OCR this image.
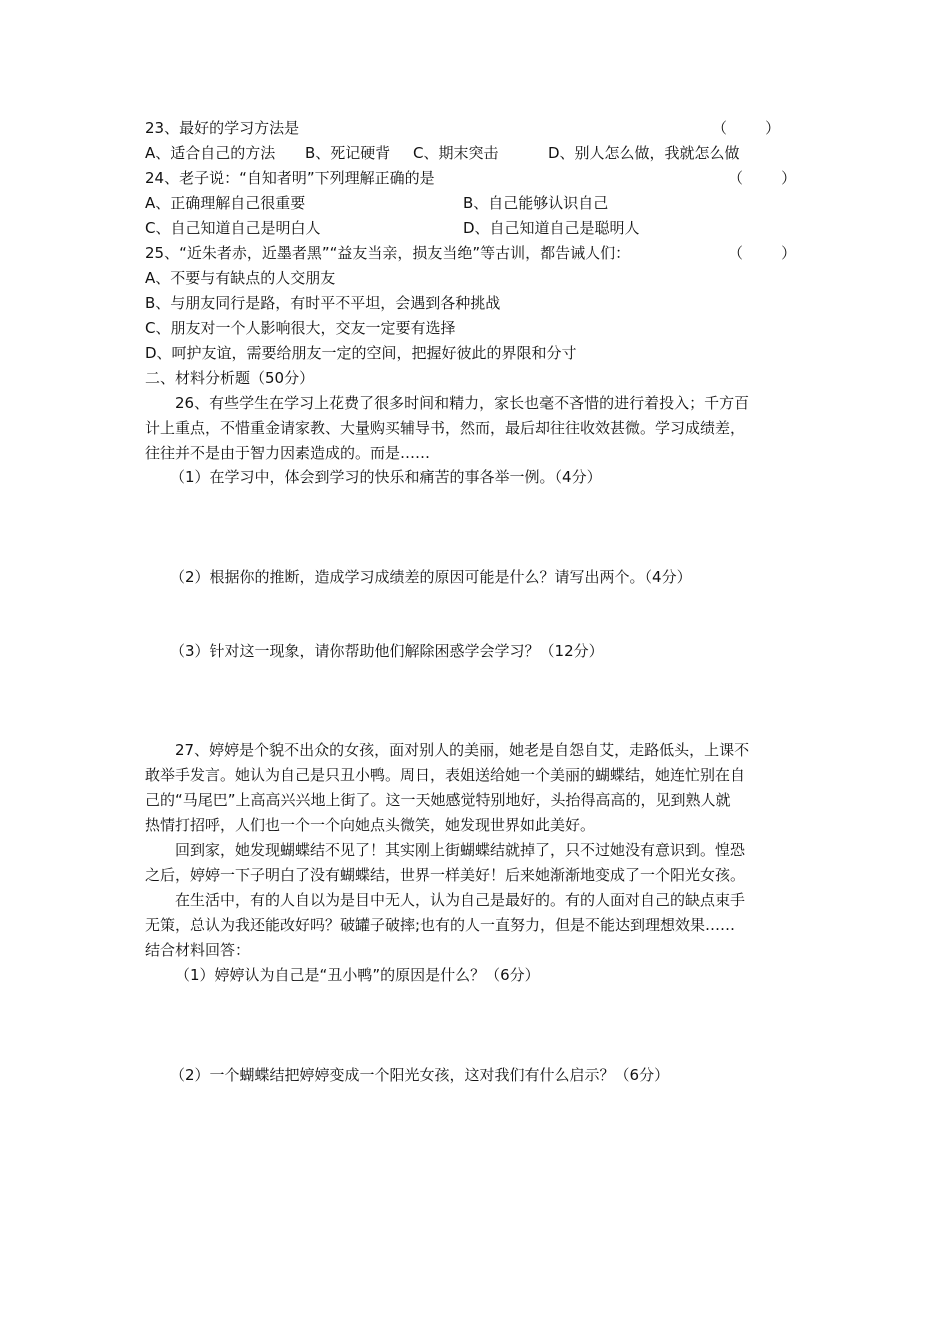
23、最好的学习方法是	（        ）
A、适合自己的方法 B、死记硬背 C、期末突击	D、别人怎么做，我就怎么做
24、老子说：“自知者明”下列理解正确的是	（        ）
A、正确理解自己很重要	B、自己能够认识自己
C、自己知道自己是明白人	D、自己知道自己是聪明人
25、“近朱者赤，近墨者黑”“益友当亲，损友当绝”等古训，都告诫人们：	（        ）
A、不要与有缺点的人交朋友
B、与朋友同行是路，有时平不平坦，会遇到各种挑战
C、朋友对一个人影响很大，交友一定要有选择
D、呵护友谊，需要给朋友一定的空间，把握好彼此的界限和分寸
二、材料分析题（50分）
26、有些学生在学习上花费了很多时间和精力，家长也毫不吝惜的进行着投入；千方百
计上重点，不惜重金请家教、大量购买辅导书，然而，最后却往往收效甚微。学习成绩差，
往往并不是由于智力因素造成的。而是……
（1）在学习中，体会到学习的快乐和痛苦的事各举一例。（4分）
（2）根据你的推断，造成学习成绩差的原因可能是什么？请写出两个。（4分）
（3）针对这一现象，请你帮助他们解除困惑学会学习？（12分）
27、婷婷是个貌不出众的女孩，面对别人的美丽，她老是自怨自艾，走路低头，上课不
敢举手发言。她认为自己是只丑小鸭。周日，表姐送给她一个美丽的蝴蝶结，她连忙别在自
己的“马尾巴”上高高兴兴地上街了。这一天她感觉特别地好，头抬得高高的，见到熟人就
热情打招呼，人们也一个一个向她点头微笑，她发现世界如此美好。
回到家，她发现蝴蝶结不见了！其实刚上街蝴蝶结就掉了，只不过她没有意识到。惶恐
之后，婷婷一下子明白了没有蝴蝶结，世界一样美好！后来她渐渐地变成了一个阳光女孩。
在生活中，有的人自以为是目中无人，认为自己是最好的。有的人面对自己的缺点束手
无策，总认为我还能改好吗？破罐子破摔;也有的人一直努力，但是不能达到理想效果……
结合材料回答：
（1）婷婷认为自己是“丑小鸭”的原因是什么？（6分）
（2）一个蝴蝶结把婷婷变成一个阳光女孩，这对我们有什么启示？（6分）
